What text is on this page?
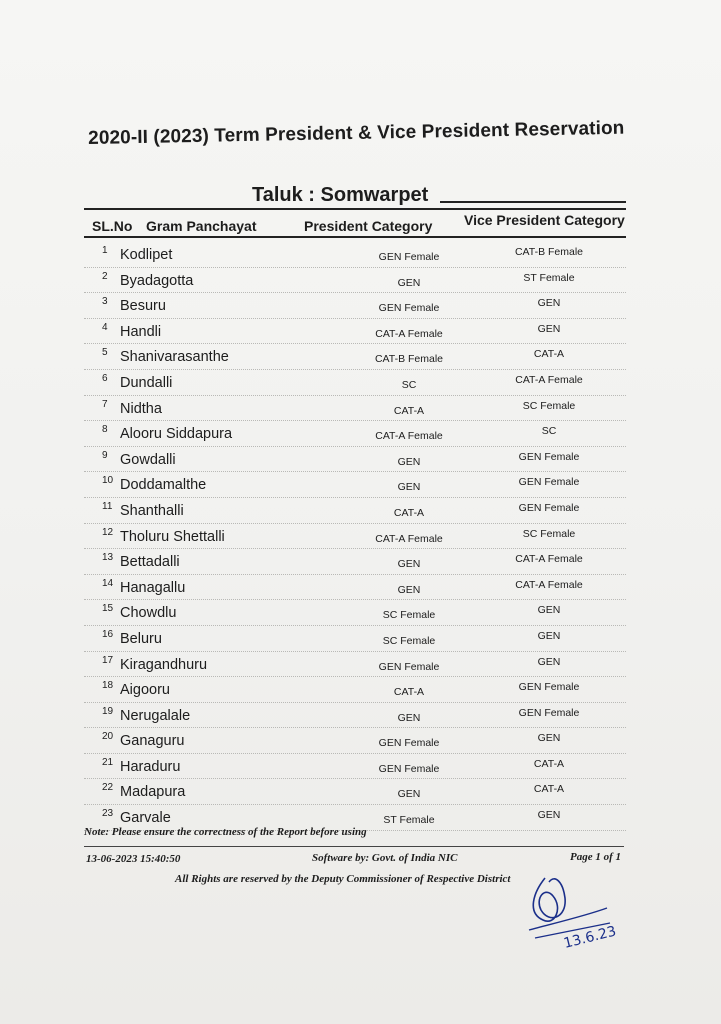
2020-II (2023) Term President & Vice President Reservation
Taluk : Somwarpet
SL.No Gram Panchayat	President Category Vice President Category
1 Kodlipet	GEN Female	CAT-B Female
2 Byadagotta	GEN	ST Female
3 Besuru	GEN Female	GEN
4 Handli	CAT-A Female	GEN
5 Shanivarasanthe	CAT-B Female	CAT-A
6 Dundalli	SC	CAT-A Female
7 Nidtha	CAT-A	SC Female
8 Alooru Siddapura	CAT-A Female	SC
9 Gowdalli	GEN	GEN Female
10 Doddamalthe	GEN	GEN Female
11 Shanthalli	CAT-A	GEN Female
12 Tholuru Shettalli	CAT-A Female	SC Female
13 Bettadalli	GEN	CAT-A Female
14 Hanagallu	GEN	CAT-A Female
15 Chowdlu	SC Female	GEN
16 Beluru	SC Female	GEN
17 Kiragandhuru	GEN Female	GEN
18 Aigooru	CAT-A	GEN Female
19 Nerugalale	GEN	GEN Female
20 Ganaguru	GEN Female	GEN
21 Haraduru	GEN Female	CAT-A
22 Madapura	GEN	CAT-A
23 Garvale	ST Female	GEN
Note: Please ensure the correctness of the Report before using
13-06-2023 15:40:50	Software by: Govt. of India NIC	Page 1 of 1
All Rights are reserved by the Deputy Commissioner of Respective District
13.6.23
